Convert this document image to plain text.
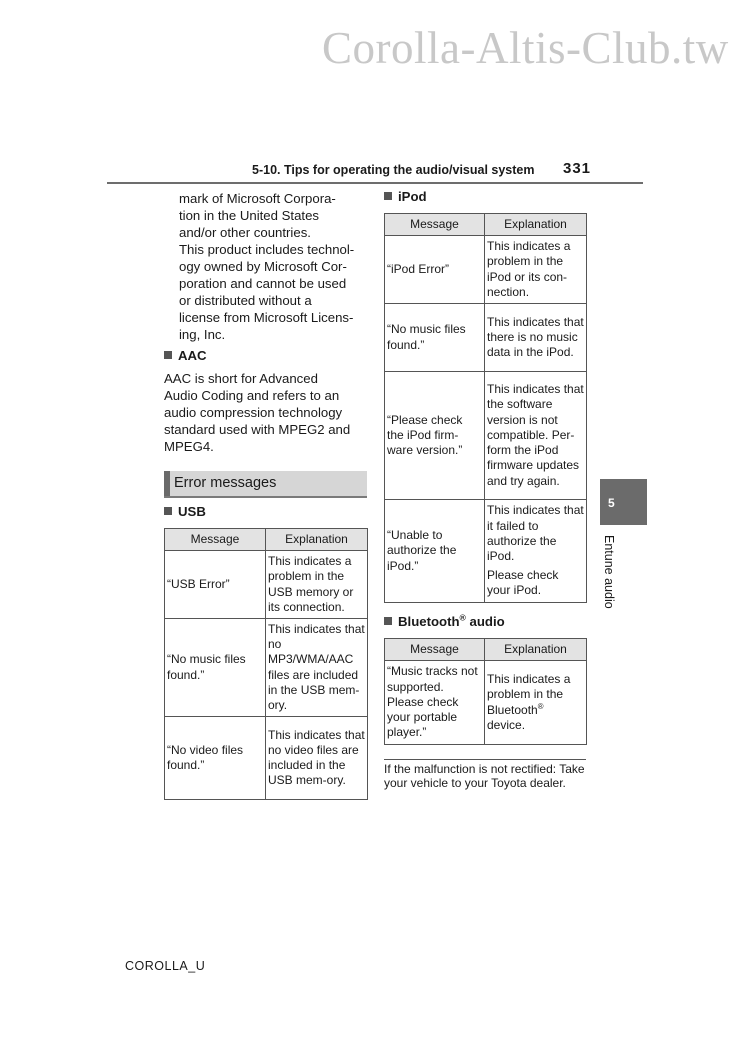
Corolla-Altis-Club.tw
5-10. Tips for operating the audio/visual system 331
mark of Microsoft Corpora-
tion in the United States
and/or other countries.
This product includes technol-
ogy owned by Microsoft Cor-
poration and cannot be used
or distributed without a
license from Microsoft Licens-
ing, Inc.
AAC
AAC is short for Advanced
Audio Coding and refers to an
audio compression technology
standard used with MPEG2 and
MPEG4.
Error messages
USB
Message	Explanation
“USB Error”	This indicates a problem in the USB memory or its connection.
“No music files found.”	This indicates that no MP3/WMA/AAC files are included in the USB mem-ory.
“No video files found.”	This indicates that no video files are included in the USB mem-ory.
iPod
Message	Explanation
“iPod Error”	This indicates a problem in the iPod or its con-nection.
“No music files found.”	This indicates that there is no music data in the iPod.
“Please check the iPod firm-ware version.”	This indicates that the software version is not compatible. Per-form the iPod firmware updates and try again.
“Unable to authorize the iPod.”	This indicates that it failed to authorize the iPod.

Please check your iPod.

Bluetooth® audio
Message	Explanation
“Music tracks not supported. Please check your portable player.”	This indicates a problem in the Bluetooth® device.
If the malfunction is not rectified: Take your vehicle to your Toyota dealer.
5
Entune audio
COROLLA_U
